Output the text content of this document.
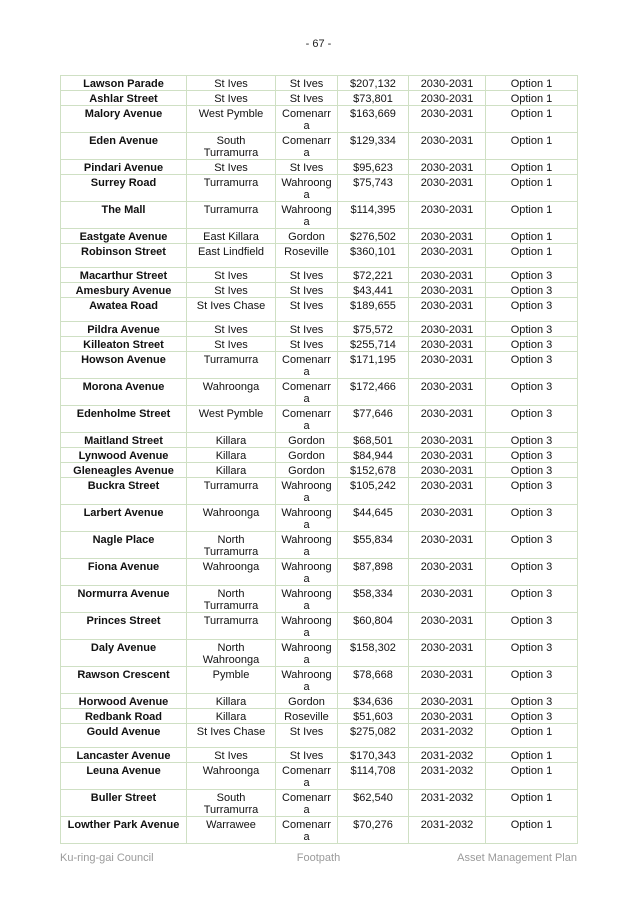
- 67 -
Lawson Parade	St Ives	St Ives	$207,132	2030-2031	Option 1
Ashlar Street	St Ives	St Ives	$73,801	2030-2031	Option 1
Malory Avenue	West Pymble	Comenarr a	$163,669	2030-2031	Option 1
Eden Avenue	South Turramurra	Comenarr a	$129,334	2030-2031	Option 1
Pindari Avenue	St Ives	St Ives	$95,623	2030-2031	Option 1
Surrey Road	Turramurra	Wahroong a	$75,743	2030-2031	Option 1
The Mall	Turramurra	Wahroong a	$114,395	2030-2031	Option 1
Eastgate Avenue	East Killara	Gordon	$276,502	2030-2031	Option 1
Robinson Street	East Lindfield	Roseville	$360,101	2030-2031	Option 1
Macarthur Street	St Ives	St Ives	$72,221	2030-2031	Option 3
Amesbury Avenue	St Ives	St Ives	$43,441	2030-2031	Option 3
Awatea Road	St Ives Chase	St Ives	$189,655	2030-2031	Option 3
Pildra Avenue	St Ives	St Ives	$75,572	2030-2031	Option 3
Killeaton Street	St Ives	St Ives	$255,714	2030-2031	Option 3
Howson Avenue	Turramurra	Comenarr a	$171,195	2030-2031	Option 3
Morona Avenue	Wahroonga	Comenarr a	$172,466	2030-2031	Option 3
Edenholme Street	West Pymble	Comenarr a	$77,646	2030-2031	Option 3
Maitland Street	Killara	Gordon	$68,501	2030-2031	Option 3
Lynwood Avenue	Killara	Gordon	$84,944	2030-2031	Option 3
Gleneagles Avenue	Killara	Gordon	$152,678	2030-2031	Option 3
Buckra Street	Turramurra	Wahroong a	$105,242	2030-2031	Option 3
Larbert Avenue	Wahroonga	Wahroong a	$44,645	2030-2031	Option 3
Nagle Place	North Turramurra	Wahroong a	$55,834	2030-2031	Option 3
Fiona Avenue	Wahroonga	Wahroong a	$87,898	2030-2031	Option 3
Normurra Avenue	North Turramurra	Wahroong a	$58,334	2030-2031	Option 3
Princes Street	Turramurra	Wahroong a	$60,804	2030-2031	Option 3
Daly Avenue	North Wahroonga	Wahroong a	$158,302	2030-2031	Option 3
Rawson Crescent	Pymble	Wahroong a	$78,668	2030-2031	Option 3
Horwood Avenue	Killara	Gordon	$34,636	2030-2031	Option 3
Redbank Road	Killara	Roseville	$51,603	2030-2031	Option 3
Gould Avenue	St Ives Chase	St Ives	$275,082	2031-2032	Option 1
Lancaster Avenue	St Ives	St Ives	$170,343	2031-2032	Option 1
Leuna Avenue	Wahroonga	Comenarr a	$114,708	2031-2032	Option 1
Buller Street	South Turramurra	Comenarr a	$62,540	2031-2032	Option 1
Lowther Park Avenue	Warrawee	Comenarr a	$70,276	2031-2032	Option 1
Ku-ring-gai Council	Footpath	Asset Management Plan
